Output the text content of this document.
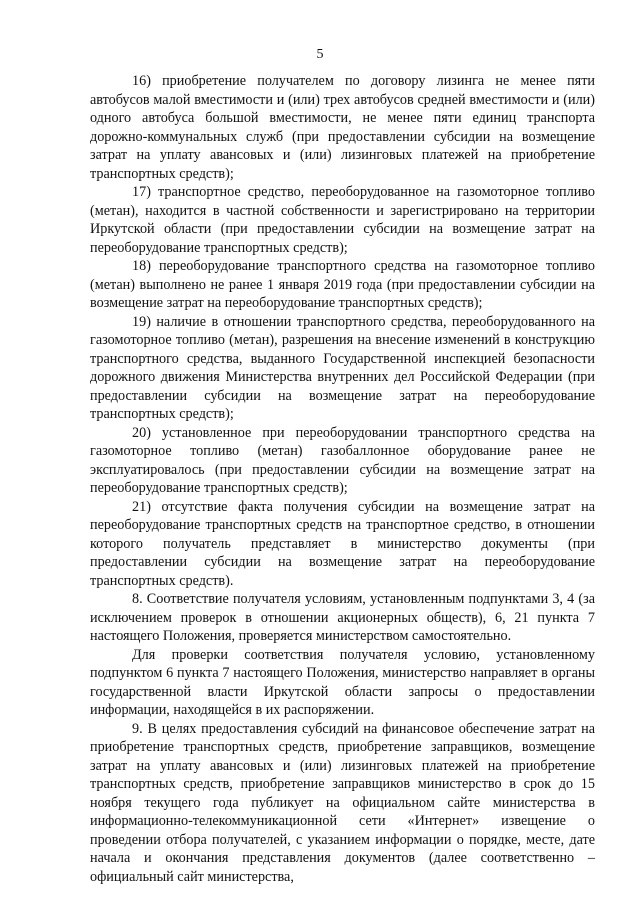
5

16) приобретение получателем по договору лизинга не менее пяти автобусов малой вместимости и (или) трех автобусов средней вместимости и (или) одного автобуса большой вместимости, не менее пяти единиц транспорта дорожно-коммунальных служб (при предоставлении субсидии на возмещение затрат на уплату авансовых и (или) лизинговых платежей на приобретение транспортных средств);

17) транспортное средство, переоборудованное на газомоторное топливо (метан), находится в частной собственности и зарегистрировано на территории Иркутской области (при предоставлении субсидии на возмещение затрат на переоборудование транспортных средств);

18) переоборудование транспортного средства на газомоторное топливо (метан) выполнено не ранее 1 января 2019 года (при предоставлении субсидии на возмещение затрат на переоборудование транспортных средств);

19) наличие в отношении транспортного средства, переоборудованного на газомоторное топливо (метан), разрешения на внесение изменений в конструкцию транспортного средства, выданного Государственной инспекцией безопасности дорожного движения Министерства внутренних дел Российской Федерации (при предоставлении субсидии на возмещение затрат на переоборудование транспортных средств);

20) установленное при переоборудовании транспортного средства на газомоторное топливо (метан) газобаллонное оборудование ранее не эксплуатировалось (при предоставлении субсидии на возмещение затрат на переоборудование транспортных средств);

21) отсутствие факта получения субсидии на возмещение затрат на переоборудование транспортных средств на транспортное средство, в отношении которого получатель представляет в министерство документы (при предоставлении субсидии на возмещение затрат на переоборудование транспортных средств).

8. Соответствие получателя условиям, установленным подпунктами 3, 4 (за исключением проверок в отношении акционерных обществ), 6, 21 пункта 7 настоящего Положения, проверяется министерством самостоятельно.

Для проверки соответствия получателя условию, установленному подпунктом 6 пункта 7 настоящего Положения, министерство направляет в органы государственной власти Иркутской области запросы о предоставлении информации, находящейся в их распоряжении.

9. В целях предоставления субсидий на финансовое обеспечение затрат на приобретение транспортных средств, приобретение заправщиков, возмещение затрат на уплату авансовых и (или) лизинговых платежей на приобретение транспортных средств, приобретение заправщиков министерство в срок до 15 ноября текущего года публикует на официальном сайте министерства в информационно-телекоммуникационной сети «Интернет» извещение о проведении отбора получателей, с указанием информации о порядке, месте, дате начала и окончания представления документов (далее соответственно – официальный сайт министерства,
